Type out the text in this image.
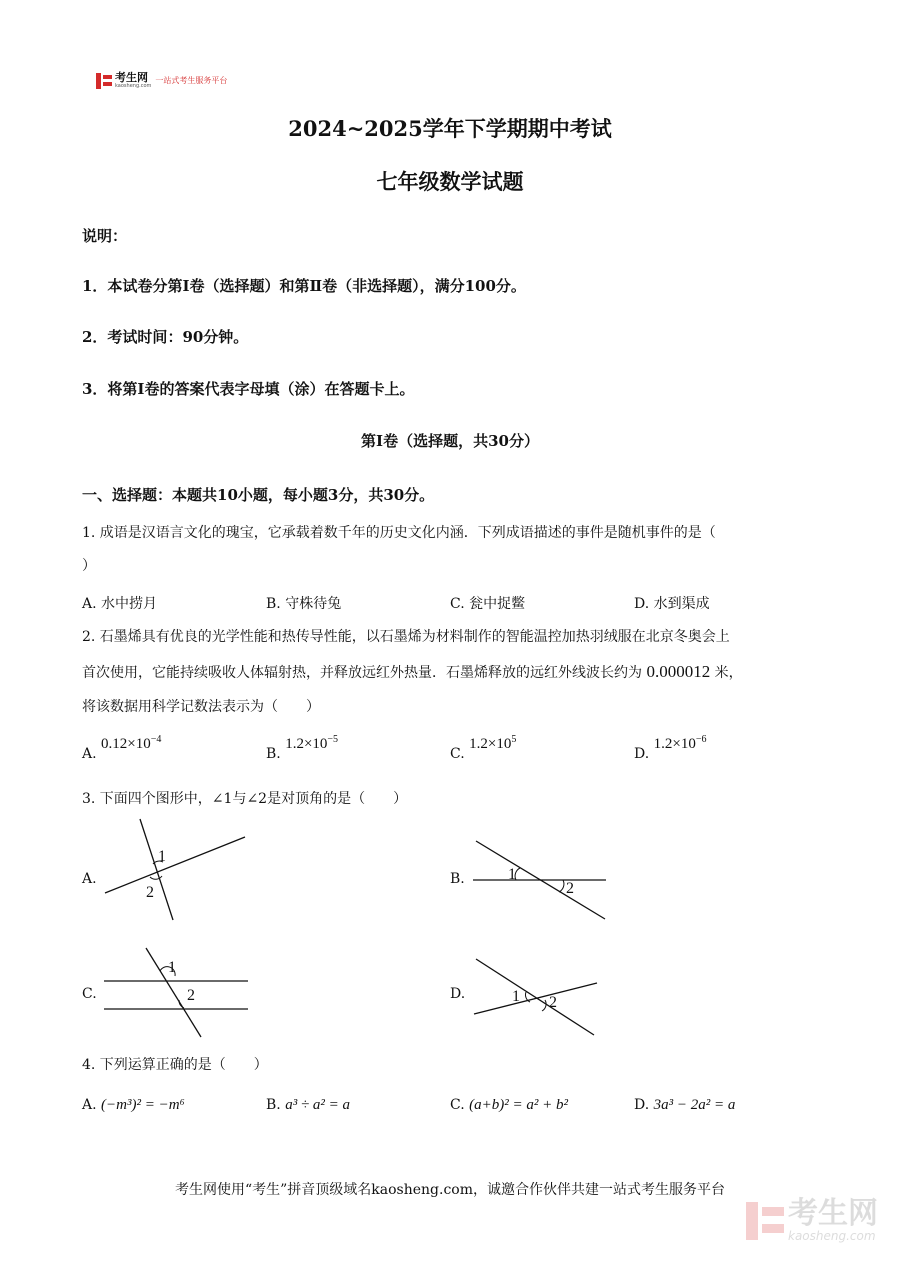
考生网
kaosheng.com
一站式考生服务平台
2024~2025学年下学期期中考试
七年级数学试题
说明：
1．本试卷分第Ⅰ卷（选择题）和第Ⅱ卷（非选择题），满分100分。
2．考试时间：90分钟。
3．将第Ⅰ卷的答案代表字母填（涂）在答题卡上。
第Ⅰ卷（选择题，共30分）
一、选择题：本题共10小题，每小题3分，共30分。
1. 成语是汉语言文化的瑰宝，它承载着数千年的历史文化内涵．下列成语描述的事件是随机事件的是（
）
A. 水中捞月	B. 守株待兔	C. 瓮中捉鳖	D. 水到渠成
2. 石墨烯具有优良的光学性能和热传导性能，以石墨烯为材料制作的智能温控加热羽绒服在北京冬奥会上
首次使用，它能持续吸收人体辐射热，并释放远红外热量．石墨烯释放的远红外线波长约为 0.000012 米，
将该数据用科学记数法表示为（　　）
A. $0.12\times 10^{-4}$
B. $1.2\times 10^{-5}$
C. $1.2\times 10^5$
D. $1.2\times 10^{-6}$
3. 下面四个图形中，∠1与∠2是对顶角的是（　　）
A.
1
2
B.	1
2
C.
1
2	D.	1 2
4. 下列运算正确的是（　　）
A. (−m³)² = −m⁶	B. a³ ÷ a² = a	C. (a+b)² = a² + b²	D. 3a³ − 2a² = a
考生网使用“考生”拼音顶级域名kaosheng.com，诚邀合作伙伴共建一站式考生服务平台
考生网
kaosheng.com
